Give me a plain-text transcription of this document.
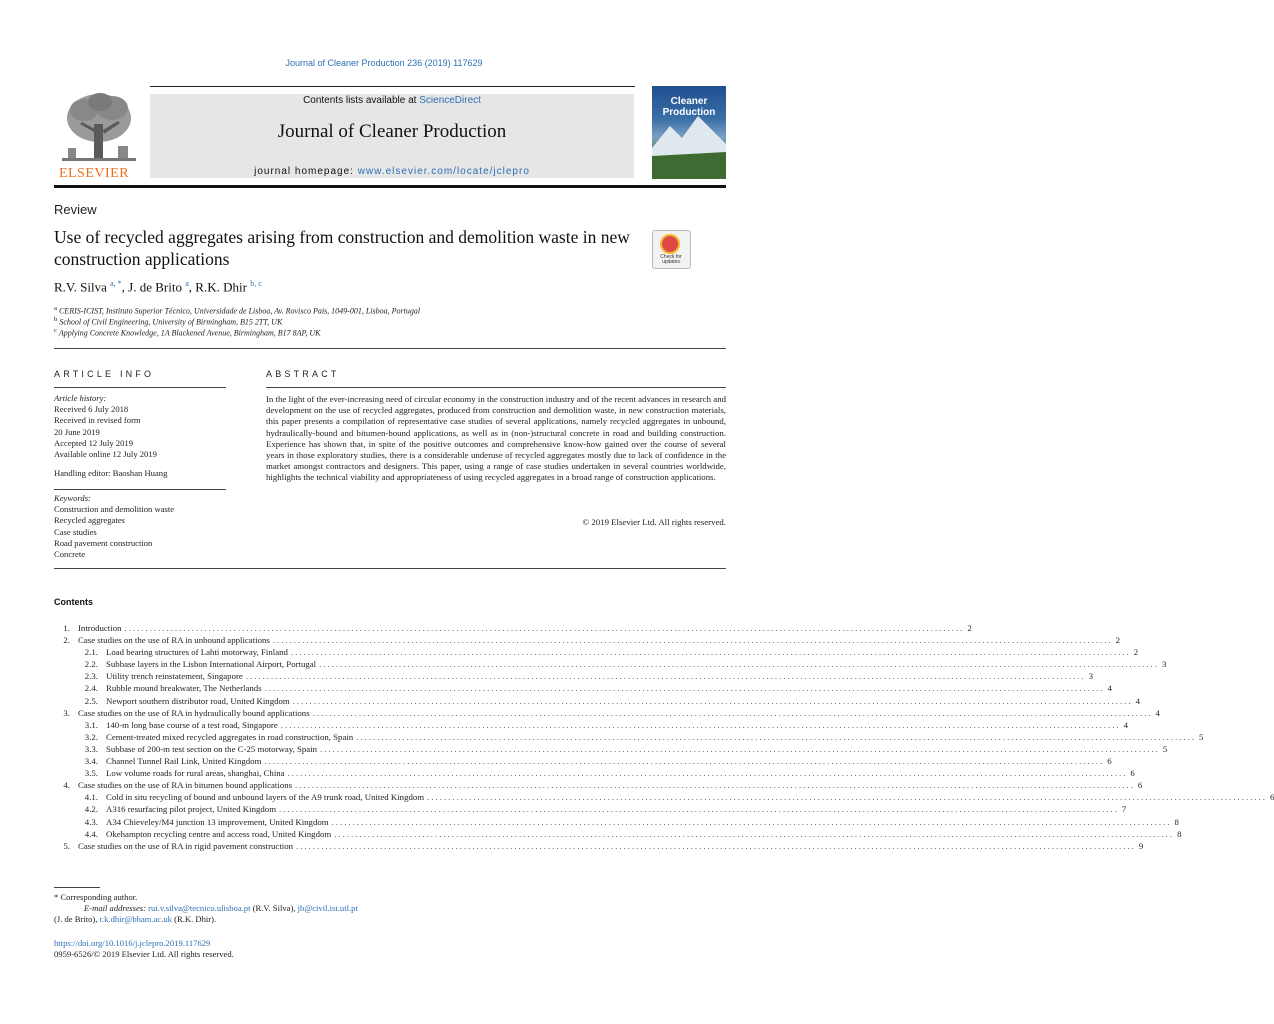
Journal of Cleaner Production 236 (2019) 117629
ELSEVIER
Contents lists available at ScienceDirect
Journal of Cleaner Production
journal homepage: www.elsevier.com/locate/jclepro
Cleaner
Production
Review
Use of recycled aggregates arising from construction and demolition waste in new construction applications	Check for updates
R.V. Silva $^{a, *}$, J. de Brito $^a$, R.K. Dhir $^{b, c}$
$^a$ CERIS-ICIST, Instituto Superior Técnico, Universidade de Lisboa, Av. Rovisco Pais, 1049-001, Lisboa, Portugal
$^b$ School of Civil Engineering, University of Birmingham, B15 2TT, UK
$^c$ Applying Concrete Knowledge, 1A Blackened Avenue, Birmingham, B17 8AP, UK
ARTICLE INFO
Article history:
Received 6 July 2018
Received in revised form
20 June 2019
Accepted 12 July 2019
Available online 12 July 2019
Handling editor: Baoshan Huang
Keywords:
Construction and demolition waste
Recycled aggregates
Case studies
Road pavement construction
Concrete
ABSTRACT
In the light of the ever-increasing need of circular economy in the construction industry and of the recent advances in research and development on the use of recycled aggregates, produced from construction and demolition waste, in new construction materials, this paper presents a compilation of representative case studies of several applications, namely recycled aggregates in unbound, hydraulically-bound and bitumen-bound applications, as well as in (non-)structural concrete in road and building construction. Experience has shown that, in spite of the positive outcomes and comprehensive know-how gained over the course of several years in those exploratory studies, there is a considerable underuse of recycled aggregates mostly due to lack of confidence in the market amongst contractors and designers. This paper, using a range of case studies undertaken in several countries worldwide, highlights the technical viability and appropriateness of using recycled aggregates in a broad range of construction applications.
© 2019 Elsevier Ltd. All rights reserved.
Contents
1. Introduction ........................................................................................................................................................................................................ 2
2. Case studies on the use of RA in unbound applications ........................................................................................................................................................................................................ 2
2.1. Load bearing structures of Lahti motorway, Finland ........................................................................................................................................................................................................ 2
2.2. Subbase layers in the Lisbon International Airport, Portugal ........................................................................................................................................................................................................ 3
2.3. Utility trench reinstatement, Singapore ........................................................................................................................................................................................................ 3
2.4. Rubble mound breakwater, The Netherlands ........................................................................................................................................................................................................ 4
2.5. Newport southern distributor road, United Kingdom ........................................................................................................................................................................................................ 4
3. Case studies on the use of RA in hydraulically bound applications ........................................................................................................................................................................................................ 4
3.1. 140-m long base course of a test road, Singapore ........................................................................................................................................................................................................ 4
3.2. Cement-treated mixed recycled aggregates in road construction, Spain ........................................................................................................................................................................................................ 5
3.3. Subbase of 200-m test section on the C-25 motorway, Spain ........................................................................................................................................................................................................ 5
3.4. Channel Tunnel Rail Link, United Kingdom ........................................................................................................................................................................................................ 6
3.5. Low volume roads for rural areas, shanghai, China ........................................................................................................................................................................................................ 6
4. Case studies on the use of RA in bitumen bound applications ........................................................................................................................................................................................................ 6
4.1. Cold in situ recycling of bound and unbound layers of the A9 trunk road, United Kingdom ........................................................................................................................................................................................................ 6
4.2. A316 resurfacing pilot project, United Kingdom ........................................................................................................................................................................................................ 7
4.3. A34 Chieveley/M4 junction 13 improvement, United Kingdom ........................................................................................................................................................................................................ 8
4.4. Okehampton recycling centre and access road, United Kingdom ........................................................................................................................................................................................................ 8
5. Case studies on the use of RA in rigid pavement construction ........................................................................................................................................................................................................ 9
* Corresponding author.
E-mail addresses: rui.v.silva@tecnico.ulisboa.pt (R.V. Silva), jb@civil.ist.utl.pt
(J. de Brito), r.k.dhir@bham.ac.uk (R.K. Dhir).
https://doi.org/10.1016/j.jclepro.2019.117629
0959-6526/© 2019 Elsevier Ltd. All rights reserved.
